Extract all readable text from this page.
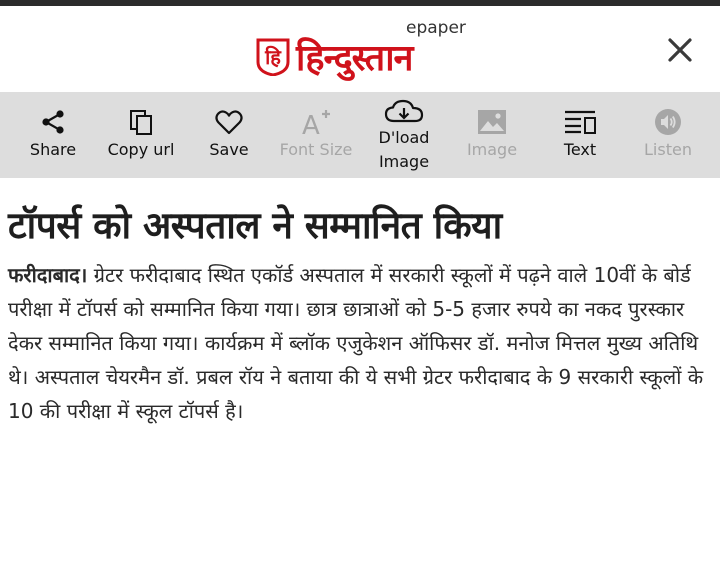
epaper
हि हिन्दुस्तान
Share Copy url Save
A
Font Size
D'load Image
Image	Text	Listen
टॉपर्स को अस्पताल ने सम्मानित किया
फरीदाबाद। ग्रेटर फरीदाबाद स्थित एकॉर्ड अस्पताल में सरकारी स्कूलों में पढ़ने वाले 10वीं के बोर्ड परीक्षा में टॉपर्स को सम्मानित किया गया। छात्र छात्राओं को 5-5 हजार रुपये का नकद पुरस्कार देकर सम्मानित किया गया। कार्यक्रम में ब्लॉक एजुकेशन ऑफिसर डॉ. मनोज मित्तल मुख्य अतिथि थे। अस्पताल चेयरमैन डॉ. प्रबल रॉय ने बताया की ये सभी ग्रेटर फरीदाबाद के 9 सरकारी स्कूलों के 10 की परीक्षा में स्कूल टॉपर्स है।
